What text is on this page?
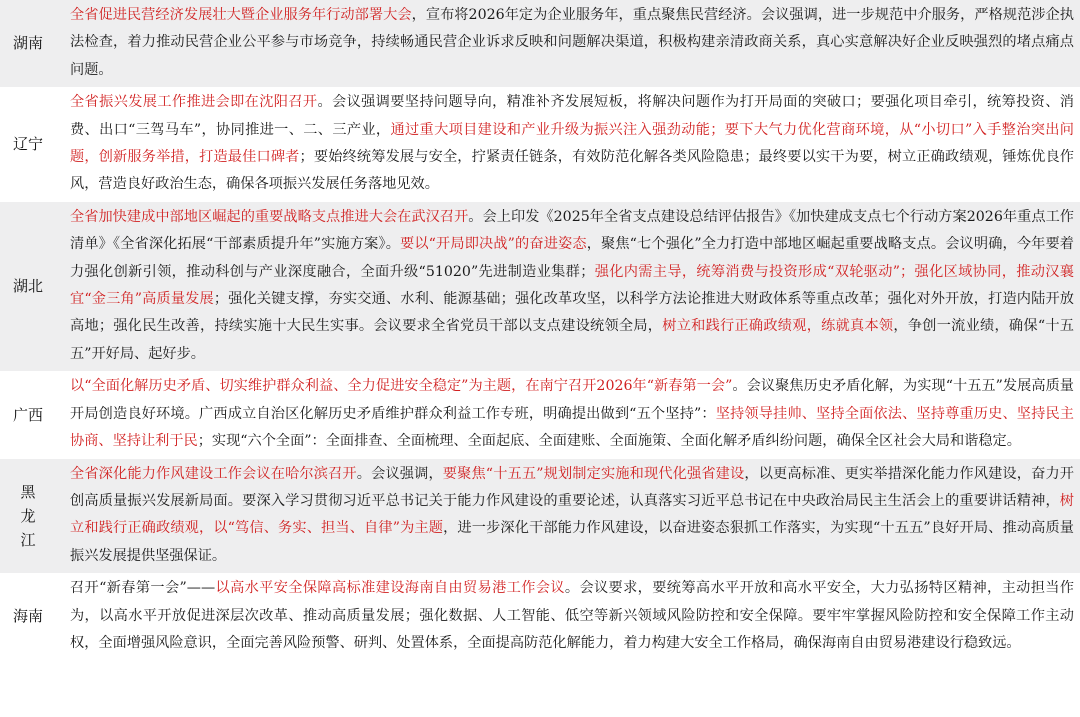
湖南	全省促进民营经济发展壮大暨企业服务年行动部署大会，宣布将2026年定为企业服务年，重点聚焦民营经济。会议强调，进一步规范中介服务，严格规范涉企执法检查，着力推动民营企业公平参与市场竞争，持续畅通民营企业诉求反映和问题解决渠道，积极构建亲清政商关系，真心实意解决好企业反映强烈的堵点痛点问题。
辽宁	全省振兴发展工作推进会即在沈阳召开。会议强调要坚持问题导向，精准补齐发展短板，将解决问题作为打开局面的突破口；要强化项目牵引，统筹投资、消费、出口“三驾马车”，协同推进一、二、三产业，通过重大项目建设和产业升级为振兴注入强劲动能；要下大气力优化营商环境，从“小切口”入手整治突出问题，创新服务举措，打造最佳口碑者；要始终统筹发展与安全，拧紧责任链条，有效防范化解各类风险隐患；最终要以实干为要，树立正确政绩观，锤炼优良作风，营造良好政治生态，确保各项振兴发展任务落地见效。
湖北	全省加快建成中部地区崛起的重要战略支点推进大会在武汉召开。会上印发《2025年全省支点建设总结评估报告》《加快建成支点七个行动方案2026年重点工作清单》《全省深化拓展“干部素质提升年”实施方案》。要以“开局即决战”的奋进姿态，聚焦“七个强化”全力打造中部地区崛起重要战略支点。会议明确，今年要着力强化创新引领，推动科创与产业深度融合，全面升级“51020”先进制造业集群；强化内需主导，统筹消费与投资形成“双轮驱动”；强化区域协同，推动汉襄宜“金三角”高质量发展；强化关键支撑，夯实交通、水利、能源基础；强化改革攻坚，以科学方法论推进大财政体系等重点改革；强化对外开放，打造内陆开放高地；强化民生改善，持续实施十大民生实事。会议要求全省党员干部以支点建设统领全局，树立和践行正确政绩观，练就真本领，争创一流业绩，确保“十五五”开好局、起好步。
广西	以“全面化解历史矛盾、切实维护群众利益、全力促进安全稳定”为主题，在南宁召开2026年“新春第一会”。会议聚焦历史矛盾化解，为实现“十五五”发展高质量开局创造良好环境。广西成立自治区化解历史矛盾维护群众利益工作专班，明确提出做到“五个坚持”：坚持领导挂帅、坚持全面依法、坚持尊重历史、坚持民主协商、坚持让利于民；实现“六个全面”：全面排查、全面梳理、全面起底、全面建账、全面施策、全面化解矛盾纠纷问题，确保全区社会大局和谐稳定。
黑龙江	全省深化能力作风建设工作会议在哈尔滨召开。会议强调，要聚焦“十五五”规划制定实施和现代化强省建设，以更高标准、更实举措深化能力作风建设，奋力开创高质量振兴发展新局面。要深入学习贯彻习近平总书记关于能力作风建设的重要论述，认真落实习近平总书记在中央政治局民主生活会上的重要讲话精神，树立和践行正确政绩观，以“笃信、务实、担当、自律”为主题，进一步深化干部能力作风建设，以奋进姿态狠抓工作落实，为实现“十五五”良好开局、推动高质量振兴发展提供坚强保证。
海南	召开“新春第一会”——以高水平安全保障高标准建设海南自由贸易港工作会议。会议要求，要统筹高水平开放和高水平安全，大力弘扬特区精神，主动担当作为，以高水平开放促进深层次改革、推动高质量发展；强化数据、人工智能、低空等新兴领域风险防控和安全保障。要牢牢掌握风险防控和安全保障工作主动权，全面增强风险意识，全面完善风险预警、研判、处置体系，全面提高防范化解能力，着力构建大安全工作格局，确保海南自由贸易港建设行稳致远。
